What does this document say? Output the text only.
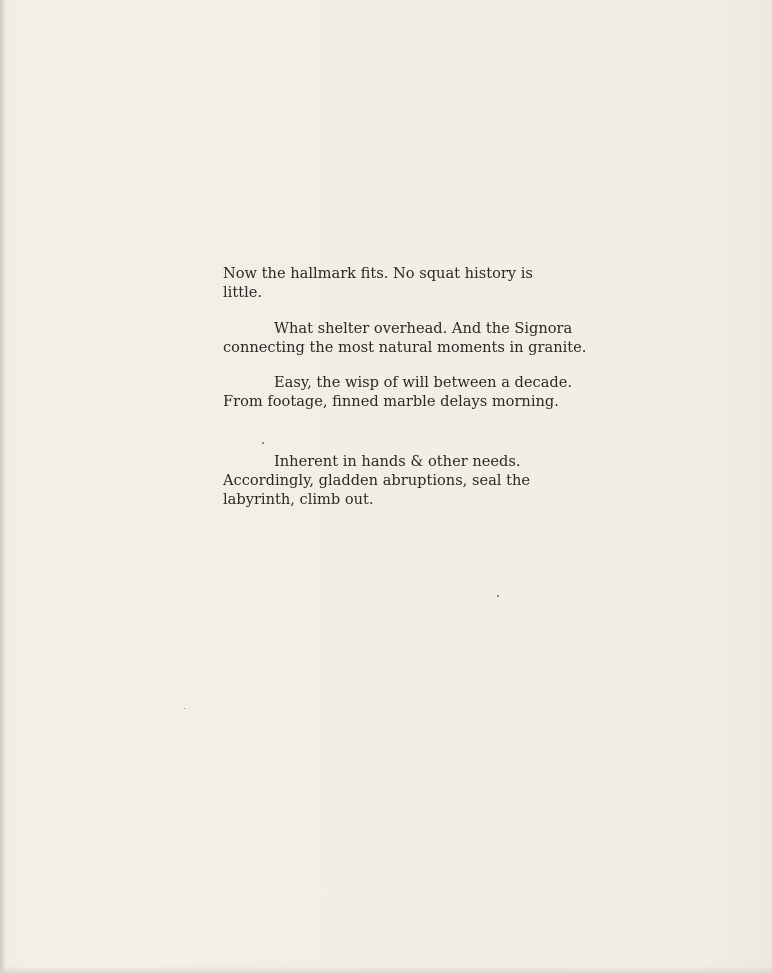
Now the hallmark fits. No squat history is
little.
What shelter overhead. And the Signora
connecting the most natural moments in granite.
Easy, the wisp of will between a decade.
From footage, finned marble delays morning.
Inherent in hands & other needs.
Accordingly, gladden abruptions, seal the
labyrinth, climb out.
